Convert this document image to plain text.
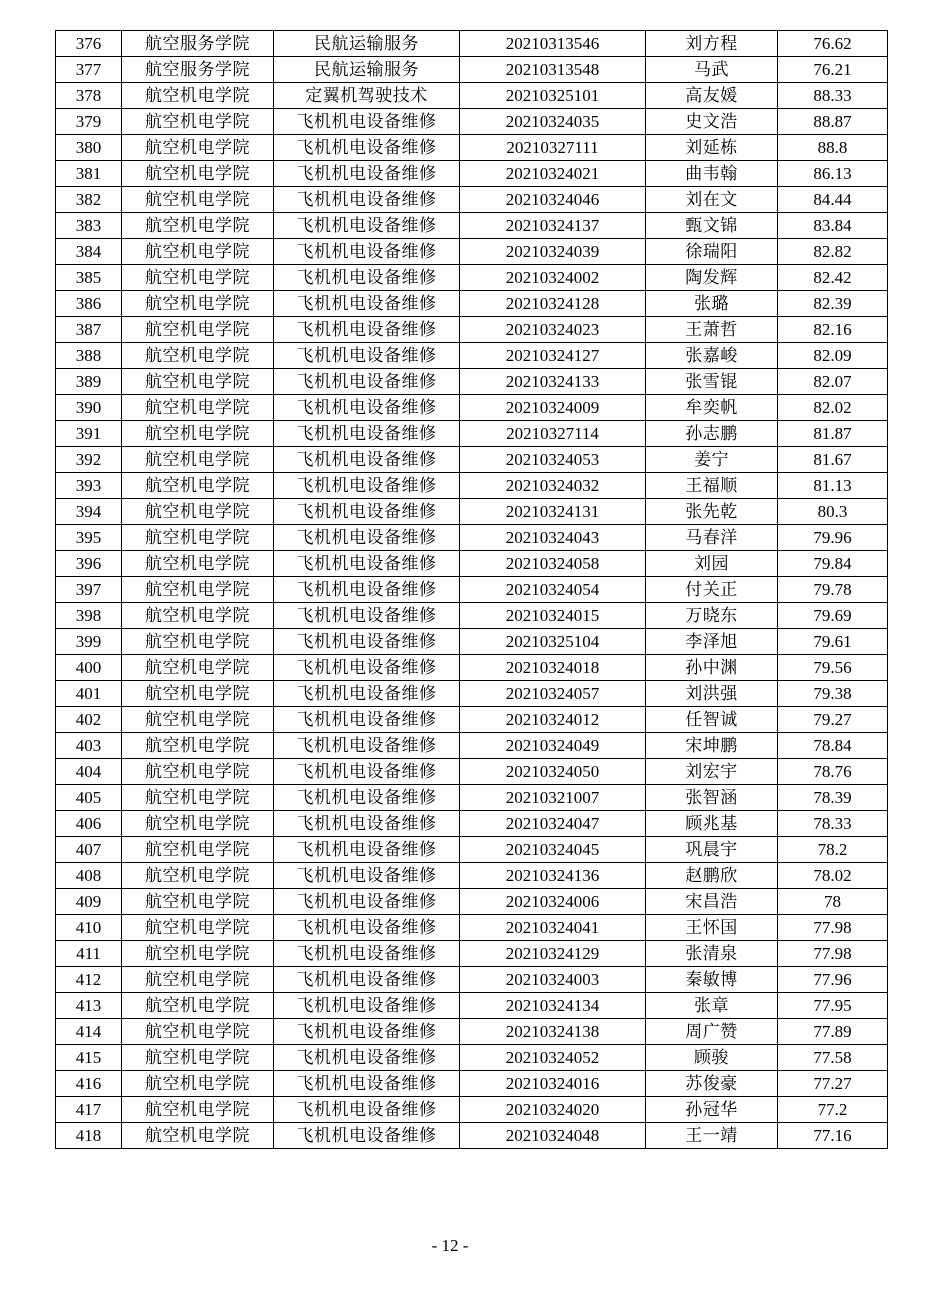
376	航空服务学院	民航运输服务	20210313546	刘方程	76.62
377	航空服务学院	民航运输服务	20210313548	马武	76.21
378	航空机电学院	定翼机驾驶技术	20210325101	高友媛	88.33
379	航空机电学院	飞机机电设备维修	20210324035	史文浩	88.87
380	航空机电学院	飞机机电设备维修	20210327111	刘延栋	88.8
381	航空机电学院	飞机机电设备维修	20210324021	曲韦翰	86.13
382	航空机电学院	飞机机电设备维修	20210324046	刘在文	84.44
383	航空机电学院	飞机机电设备维修	20210324137	甄文锦	83.84
384	航空机电学院	飞机机电设备维修	20210324039	徐瑞阳	82.82
385	航空机电学院	飞机机电设备维修	20210324002	陶发辉	82.42
386	航空机电学院	飞机机电设备维修	20210324128	张璐	82.39
387	航空机电学院	飞机机电设备维修	20210324023	王萧哲	82.16
388	航空机电学院	飞机机电设备维修	20210324127	张嘉峻	82.09
389	航空机电学院	飞机机电设备维修	20210324133	张雪锟	82.07
390	航空机电学院	飞机机电设备维修	20210324009	牟奕帆	82.02
391	航空机电学院	飞机机电设备维修	20210327114	孙志鹏	81.87
392	航空机电学院	飞机机电设备维修	20210324053	姜宁	81.67
393	航空机电学院	飞机机电设备维修	20210324032	王福顺	81.13
394	航空机电学院	飞机机电设备维修	20210324131	张先乾	80.3
395	航空机电学院	飞机机电设备维修	20210324043	马春洋	79.96
396	航空机电学院	飞机机电设备维修	20210324058	刘园	79.84
397	航空机电学院	飞机机电设备维修	20210324054	付关正	79.78
398	航空机电学院	飞机机电设备维修	20210324015	万晓东	79.69
399	航空机电学院	飞机机电设备维修	20210325104	李泽旭	79.61
400	航空机电学院	飞机机电设备维修	20210324018	孙中渊	79.56
401	航空机电学院	飞机机电设备维修	20210324057	刘洪强	79.38
402	航空机电学院	飞机机电设备维修	20210324012	任智诚	79.27
403	航空机电学院	飞机机电设备维修	20210324049	宋坤鹏	78.84
404	航空机电学院	飞机机电设备维修	20210324050	刘宏宇	78.76
405	航空机电学院	飞机机电设备维修	20210321007	张智涵	78.39
406	航空机电学院	飞机机电设备维修	20210324047	顾兆基	78.33
407	航空机电学院	飞机机电设备维修	20210324045	巩晨宇	78.2
408	航空机电学院	飞机机电设备维修	20210324136	赵鹏欣	78.02
409	航空机电学院	飞机机电设备维修	20210324006	宋昌浩	78
410	航空机电学院	飞机机电设备维修	20210324041	王怀国	77.98
411	航空机电学院	飞机机电设备维修	20210324129	张清泉	77.98
412	航空机电学院	飞机机电设备维修	20210324003	秦敏博	77.96
413	航空机电学院	飞机机电设备维修	20210324134	张章	77.95
414	航空机电学院	飞机机电设备维修	20210324138	周广赞	77.89
415	航空机电学院	飞机机电设备维修	20210324052	顾骏	77.58
416	航空机电学院	飞机机电设备维修	20210324016	苏俊豪	77.27
417	航空机电学院	飞机机电设备维修	20210324020	孙冠华	77.2
418	航空机电学院	飞机机电设备维修	20210324048	王一靖	77.16
- 12 -
